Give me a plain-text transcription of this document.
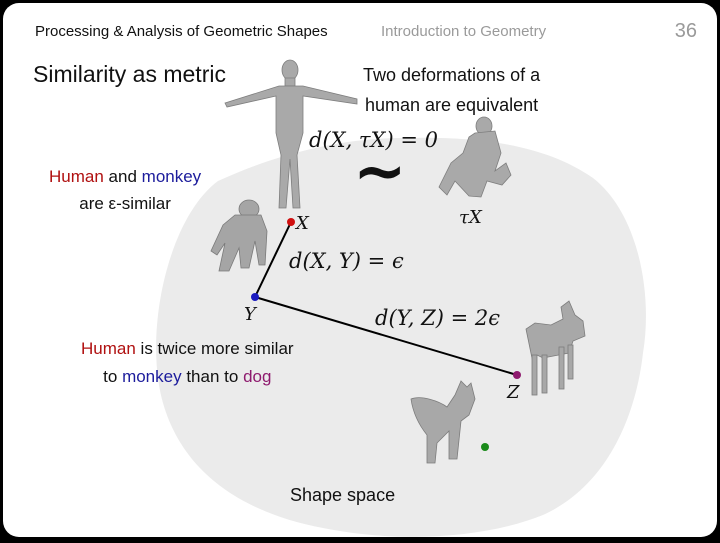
X	τX
Y
Z
d(X, τX) = 0
d(X, Y) = ϵ
d(Y, Z) = 2ϵ
~
Processing & Analysis of Geometric Shapes	Introduction to Geometry	36
Similarity as metric	Two deformations of a
human are equivalent
Human and monkey
are ε-similar
Human is twice more similar
to monkey than to dog
Shape space
